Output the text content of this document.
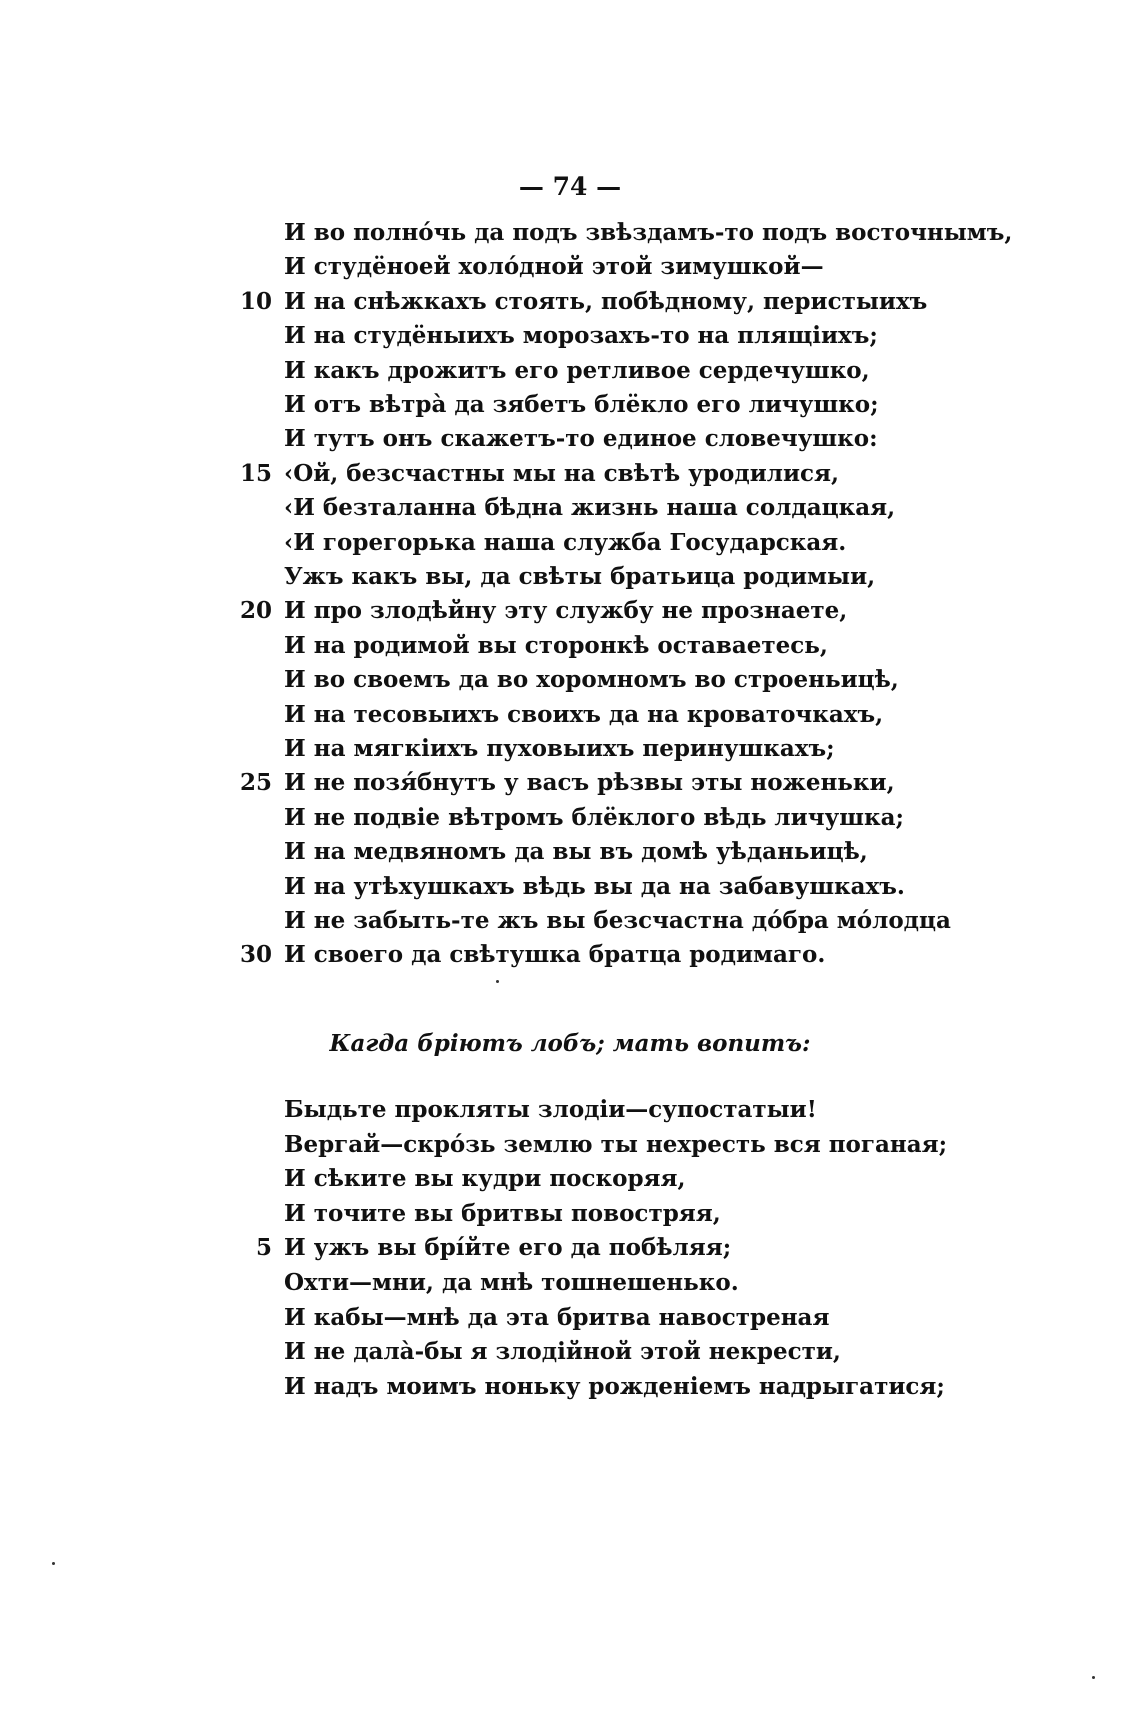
— 74 —
И во полнóчь да подъ звѣздамъ-то подъ восточнымъ,
И студёноей холóдной этой зимушкой—
10 И на снѣжкахъ стоять, побѣдному, перистыихъ
И на студёныихъ морозахъ-то на плящіихъ;
И какъ дрожитъ его ретливое сердечушко,
И отъ вѣтрà да зябетъ блёкло его личушко;
И тутъ онъ скажетъ-то единое словечушко:
15 ‹Ой, безсчастны мы на свѣтѣ уродилися,
‹И безталанна бѣдна жизнь наша солдацкая,
‹И горегорька наша служба Государская.
Ужъ какъ вы, да свѣты братьица родимыи,
20 И про злодѣйну эту службу не прознаете,
И на родимой вы сторонкѣ оставаетесь,
И во своемъ да во хоромномъ во строеньицѣ,
И на тесовыихъ своихъ да на кроваточкахъ,
И на мягкіихъ пуховыихъ перинушкахъ;
25 И не позя́бнутъ у васъ рѣзвы эты ноженьки,
И не подвіе вѣтромъ блёклого вѣдь личушка;
И на медвяномъ да вы въ домѣ уѣданьицѣ,
И на утѣхушкахъ вѣдь вы да на забавушкахъ.
И не забыть-те жъ вы безсчастна дóбра мóлодца
30 И своего да свѣтушка братца родимаго.
Кагда бріютъ лобъ; мать вопитъ:
Быдьте прокляты злодіи—супостатыи!
Вергай—скрóзь землю ты нехресть вся поганая;
И сѣките вы кудри поскоряя,
И точите вы бритвы повостряя,
5 И ужъ вы брі́йте его да побѣляя;
Охти—мни, да мнѣ тошнешенько.
И кабы—мнѣ да эта бритва навостреная
И не далà-бы я злодійной этой некрести,
И надъ моимъ ноньку рожденіемъ надрыгатися;
